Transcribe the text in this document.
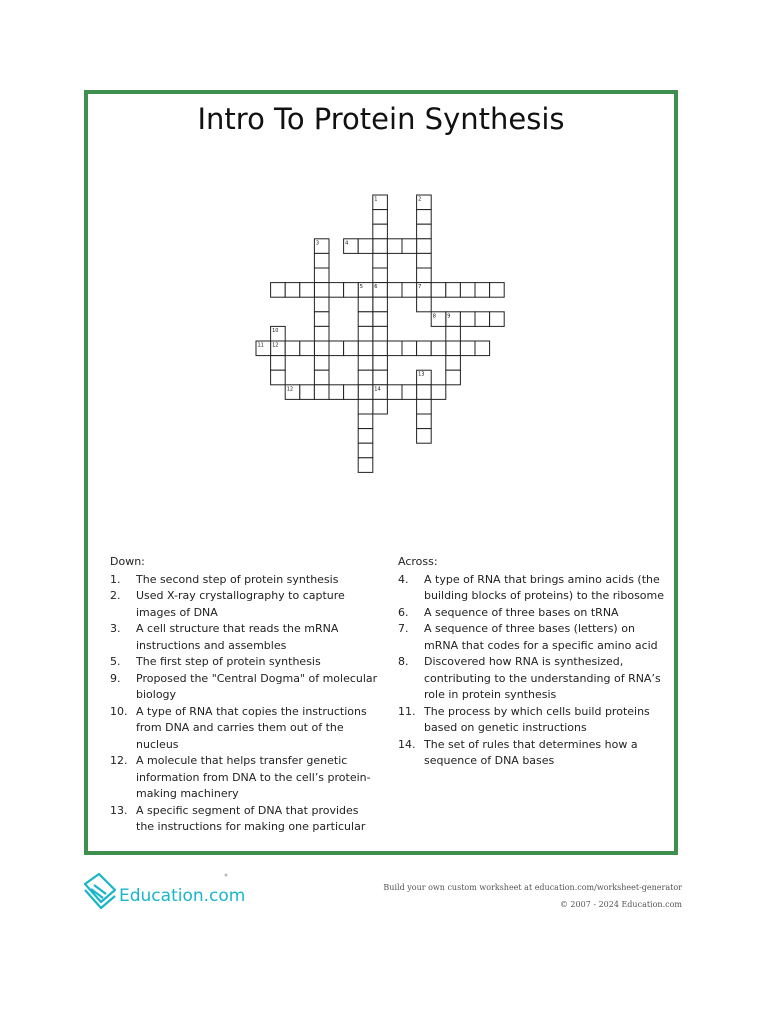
Intro To Protein Synthesis
1	2
3
5
9
10
13
4
6	7
8
11
12	14
12
Down:
1.	The second step of protein synthesis
2.	Used X-ray crystallography to capture images of DNA
3.	A cell structure that reads the mRNA instructions and assembles
5.	The first step of protein synthesis
9.	Proposed the "Central Dogma" of molecular biology
10. A type of RNA that copies the instructions from DNA and carries them out of the nucleus
12. A molecule that helps transfer genetic information from DNA to the cell’s protein-making machinery
13. A specific segment of DNA that provides the instructions for making one particular
Across:
4.	A type of RNA that brings amino acids (the building blocks of proteins) to the ribosome
6.	A sequence of three bases on tRNA
7.	A sequence of three bases (letters) on mRNA that codes for a specific amino acid
8.	Discovered how RNA is synthesized, contributing to the understanding of RNA’s role in protein synthesis
11. The process by which cells build proteins based on genetic instructions
14. The set of rules that determines how a sequence of DNA bases
Education.com	Build your own custom worksheet at education.com/worksheet-generator
© 2007 - 2024 Education.com
